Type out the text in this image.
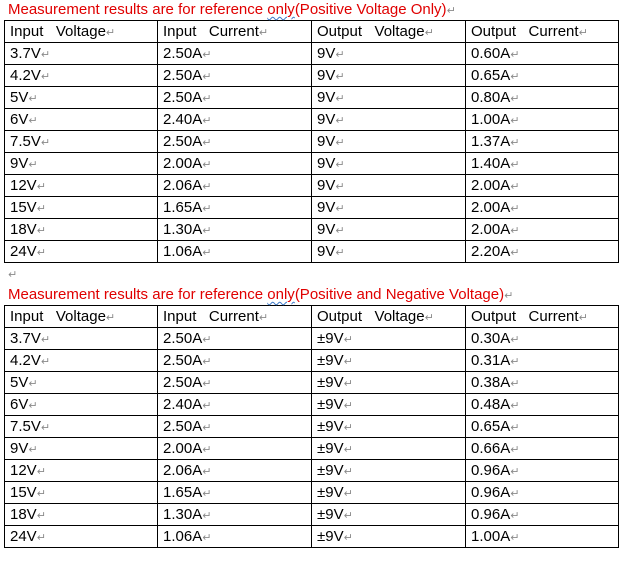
Measurement results are for reference only(Positive Voltage Only)↵
Input   Voltage↵	Input   Current↵	Output   Voltage↵	Output   Current↵
3.7V↵	2.50A↵	9V↵	0.60A↵
4.2V↵	2.50A↵	9V↵	0.65A↵
5V↵	2.50A↵	9V↵	0.80A↵
6V↵	2.40A↵	9V↵	1.00A↵
7.5V↵	2.50A↵	9V↵	1.37A↵
9V↵	2.00A↵	9V↵	1.40A↵
12V↵	2.06A↵	9V↵	2.00A↵
15V↵	1.65A↵	9V↵	2.00A↵
18V↵	1.30A↵	9V↵	2.00A↵
24V↵	1.06A↵	9V↵	2.20A↵
↵
Measurement results are for reference only(Positive and Negative Voltage)↵
Input   Voltage↵	Input   Current↵	Output   Voltage↵	Output   Current↵
3.7V↵	2.50A↵	±9V↵	0.30A↵
4.2V↵	2.50A↵	±9V↵	0.31A↵
5V↵	2.50A↵	±9V↵	0.38A↵
6V↵	2.40A↵	±9V↵	0.48A↵
7.5V↵	2.50A↵	±9V↵	0.65A↵
9V↵	2.00A↵	±9V↵	0.66A↵
12V↵	2.06A↵	±9V↵	0.96A↵
15V↵	1.65A↵	±9V↵	0.96A↵
18V↵	1.30A↵	±9V↵	0.96A↵
24V↵	1.06A↵	±9V↵	1.00A↵
